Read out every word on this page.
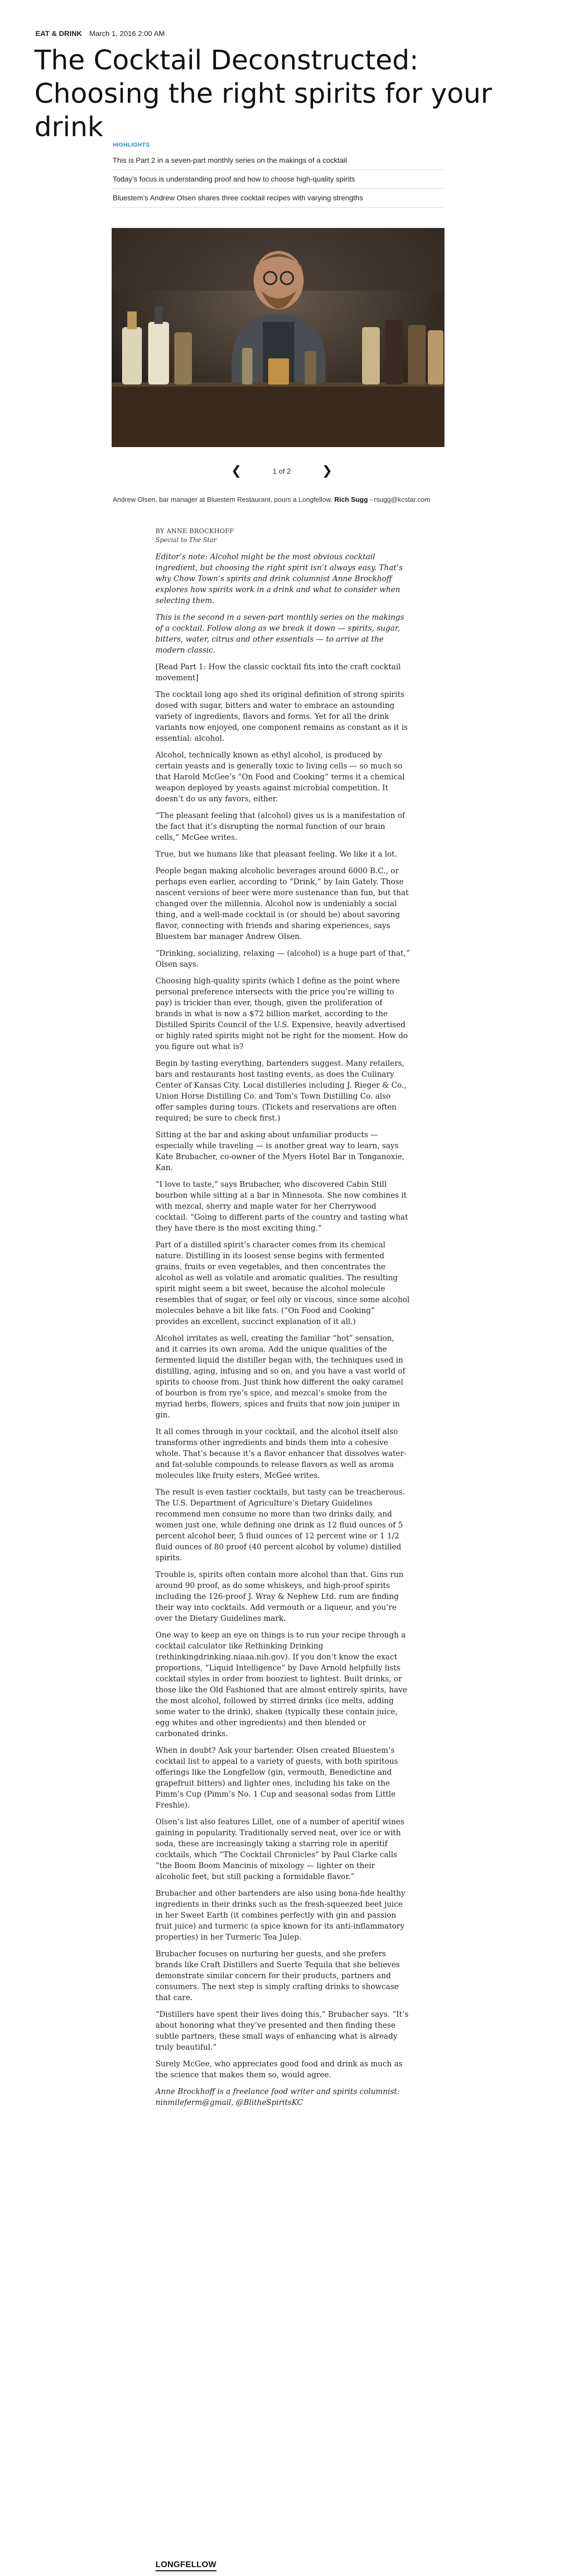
EAT & DRINK March 1, 2016 2:00 AM
The Cocktail Deconstructed: Choosing the right spirits for your drink
HIGHLIGHTS
This is Part 2 in a seven-part monthly series on the makings of a cocktail
Today’s focus is understanding proof and how to choose high-quality spirits
Bluestem’s Andrew Olsen shares three cocktail recipes with varying strengths
❮	1 of 2	❯
Andrew Olsen, bar manager at Bluestem Restaurant, pours a Longfellow. Rich Sugg - rsugg@kcstar.com
BY ANNE BROCKHOFF
Special to The Star

Editor’s note: Alcohol might be the most obvious cocktail ingredient, but choosing the right spirit isn’t always easy. That’s why Chow Town’s spirits and drink columnist Anne Brockhoff explores how spirits work in a drink and what to consider when selecting them.

This is the second in a seven-part monthly series on the makings of a cocktail. Follow along as we break it down — spirits, sugar, bitters, water, citrus and other essentials — to arrive at the modern classic.

[Read Part 1: How the classic cocktail fits into the craft cocktail movement]

The cocktail long ago shed its original definition of strong spirits dosed with sugar, bitters and water to embrace an astounding variety of ingredients, flavors and forms. Yet for all the drink variants now enjoyed, one component remains as constant as it is essential: alcohol.

Alcohol, technically known as ethyl alcohol, is produced by certain yeasts and is generally toxic to living cells — so much so that Harold McGee’s “On Food and Cooking” terms it a chemical weapon deployed by yeasts against microbial competition. It doesn’t do us any favors, either.

“The pleasant feeling that (alcohol) gives us is a manifestation of the fact that it’s disrupting the normal function of our brain cells,” McGee writes.

True, but we humans like that pleasant feeling. We like it a lot.

People began making alcoholic beverages around 6000 B.C., or perhaps even earlier, according to “Drink,” by Iain Gately. Those nascent versions of beer were more sustenance than fun, but that changed over the millennia. Alcohol now is undeniably a social thing, and a well-made cocktail is (or should be) about savoring flavor, connecting with friends and sharing experiences, says Bluestem bar manager Andrew Olsen.

“Drinking, socializing, relaxing — (alcohol) is a huge part of that,” Olsen says.

Choosing high-quality spirits (which I define as the point where personal preference intersects with the price you’re willing to pay) is trickier than ever, though, given the proliferation of brands in what is now a $72 billion market, according to the Distilled Spirits Council of the U.S. Expensive, heavily advertised or highly rated spirits might not be right for the moment. How do you figure out what is?

Begin by tasting everything, bartenders suggest. Many retailers, bars and restaurants host tasting events, as does the Culinary Center of Kansas City. Local distilleries including J. Rieger & Co., Union Horse Distilling Co. and Tom’s Town Distilling Co. also offer samples during tours. (Tickets and reservations are often required; be sure to check first.)

Sitting at the bar and asking about unfamiliar products — especially while traveling — is another great way to learn, says Kate Brubacher, co-owner of the Myers Hotel Bar in Tonganoxie, Kan.

“I love to taste,” says Brubacher, who discovered Cabin Still bourbon while sitting at a bar in Minnesota. She now combines it with mezcal, sherry and maple water for her Cherrywood cocktail. “Going to different parts of the country and tasting what they have there is the most exciting thing.”

Part of a distilled spirit’s character comes from its chemical nature. Distilling in its loosest sense begins with fermented grains, fruits or even vegetables, and then concentrates the alcohol as well as volatile and aromatic qualities. The resulting spirit might seem a bit sweet, because the alcohol molecule resembles that of sugar, or feel oily or viscous, since some alcohol molecules behave a bit like fats. (“On Food and Cooking” provides an excellent, succinct explanation of it all.)

Alcohol irritates as well, creating the familiar “hot” sensation, and it carries its own aroma. Add the unique qualities of the fermented liquid the distiller began with, the techniques used in distilling, aging, infusing and so on, and you have a vast world of spirits to choose from. Just think how different the oaky caramel of bourbon is from rye’s spice, and mezcal’s smoke from the myriad herbs, flowers, spices and fruits that now join juniper in gin.

It all comes through in your cocktail, and the alcohol itself also transforms other ingredients and binds them into a cohesive whole. That’s because it’s a flavor enhancer that dissolves water- and fat-soluble compounds to release flavors as well as aroma molecules like fruity esters, McGee writes.

The result is even tastier cocktails, but tasty can be treacherous. The U.S. Department of Agriculture’s Dietary Guidelines recommend men consume no more than two drinks daily, and women just one, while defining one drink as 12 fluid ounces of 5 percent alcohol beer, 5 fluid ounces of 12 percent wine or 1 1/2 fluid ounces of 80 proof (40 percent alcohol by volume) distilled spirits.

Trouble is, spirits often contain more alcohol than that. Gins run around 90 proof, as do some whiskeys, and high-proof spirits including the 126-proof J. Wray & Nephew Ltd. rum are finding their way into cocktails. Add vermouth or a liqueur, and you’re over the Dietary Guidelines mark.

One way to keep an eye on things is to run your recipe through a cocktail calculator like Rethinking Drinking (rethinkingdrinking.niaaa.nih.gov). If you don’t know the exact proportions, “Liquid Intelligence” by Dave Arnold helpfully lists cocktail styles in order from booziest to lightest. Built drinks, or those like the Old Fashioned that are almost entirely spirits, have the most alcohol, followed by stirred drinks (ice melts, adding some water to the drink), shaken (typically these contain juice, egg whites and other ingredients) and then blended or carbonated drinks.

When in doubt? Ask your bartender. Olsen created Bluestem’s cocktail list to appeal to a variety of guests, with both spiritous offerings like the Longfellow (gin, vermouth, Benedictine and grapefruit bitters) and lighter ones, including his take on the Pimm’s Cup (Pimm’s No. 1 Cup and seasonal sodas from Little Freshie).

Olsen’s list also features Lillet, one of a number of aperitif wines gaining in popularity. Traditionally served neat, over ice or with soda, these are increasingly taking a starring role in aperitif cocktails, which “The Cocktail Chronicles” by Paul Clarke calls “the Boom Boom Mancinis of mixology — lighter on their alcoholic feet, but still packing a formidable flavor.”

Brubacher and other bartenders are also using bona-fide healthy ingredients in their drinks such as the fresh-squeezed beet juice in her Sweet Earth (it combines perfectly with gin and passion fruit juice) and turmeric (a spice known for its anti-inflammatory properties) in her Turmeric Tea Julep.

Brubacher focuses on nurturing her guests, and she prefers brands like Craft Distillers and Suerte Tequila that she believes demonstrate similar concern for their products, partners and consumers. The next step is simply crafting drinks to showcase that care.

“Distillers have spent their lives doing this,” Brubacher says. “It’s about honoring what they’ve presented and then finding these subtle partners, these small ways of enhancing what is already truly beautiful.”

Surely McGee, who appreciates good food and drink as much as the science that makes them so, would agree.

Anne Brockhoff is a freelance food writer and spirits columnist: ninmileferm@gmail, @BlitheSpiritsKC

LONGFELLOW
